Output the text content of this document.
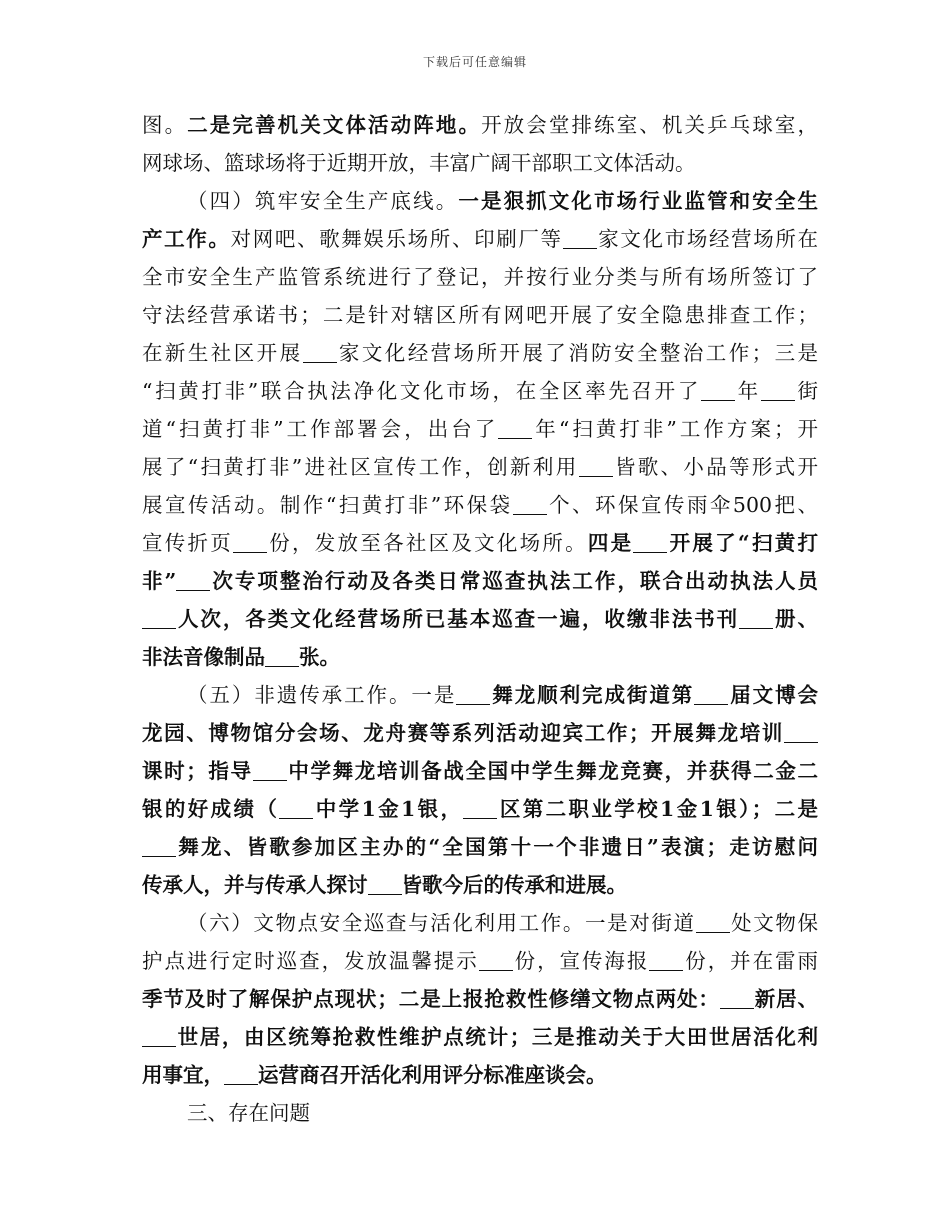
下载后可任意编辑
图。二是完善机关文体活动阵地。开放会堂排练室、机关乒乓球室，
网球场、篮球场将于近期开放，丰富广阔干部职工文体活动。
（四）筑牢安全生产底线。一是狠抓文化市场行业监管和安全生
产工作。对网吧、歌舞娱乐场所、印刷厂等 家文化市场经营场所在
全市安全生产监管系统进行了登记，并按行业分类与所有场所签订了
守法经营承诺书；二是针对辖区所有网吧开展了安全隐患排查工作；
在新生社区开展 家文化经营场所开展了消防安全整治工作；三是
“扫黄打非”联合执法净化文化市场，在全区率先召开了 年 街
道“扫黄打非”工作部署会，出台了 年“扫黄打非”工作方案；开
展了“扫黄打非”进社区宣传工作，创新利用 皆歌、小品等形式开
展宣传活动。制作“扫黄打非”环保袋 个、环保宣传雨伞500把、
宣传折页 份，发放至各社区及文化场所。四是 开展了“扫黄打
非” 次专项整治行动及各类日常巡查执法工作，联合出动执法人员
人次，各类文化经营场所已基本巡查一遍，收缴非法书刊 册、
非法音像制品 张。
（五）非遗传承工作。一是 舞龙顺利完成街道第 届文博会
龙园、博物馆分会场、龙舟赛等系列活动迎宾工作；开展舞龙培训
课时；指导 中学舞龙培训备战全国中学生舞龙竞赛，并获得二金二
银的好成绩（ 中学1金1银， 区第二职业学校1金1银）；二是
舞龙、皆歌参加区主办的“全国第十一个非遗日”表演；走访慰问
传承人，并与传承人探讨 皆歌今后的传承和进展。
（六）文物点安全巡查与活化利用工作。一是对街道 处文物保
护点进行定时巡查，发放温馨提示 份，宣传海报 份，并在雷雨
季节及时了解保护点现状；二是上报抢救性修缮文物点两处： 新居、
世居，由区统筹抢救性维护点统计；三是推动关于大田世居活化利
用事宜， 运营商召开活化利用评分标准座谈会。
三、存在问题
